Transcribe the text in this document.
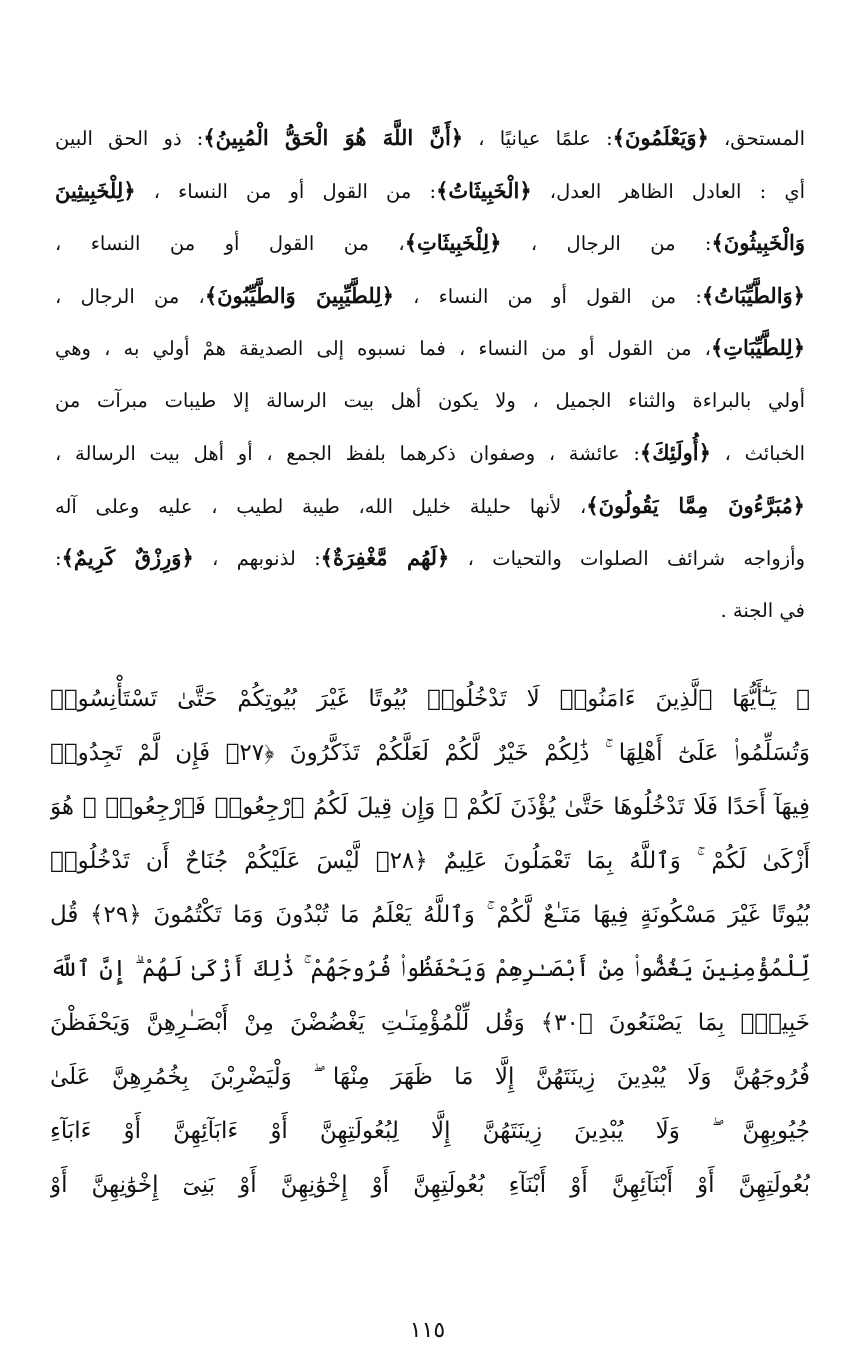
المستحق، ﴿وَيَعْلَمُونَ﴾: علمًا عيانيًا ، ﴿أَنَّ اللَّهَ هُوَ الْحَقُّ الْمُبِينُ﴾: ذو الحق البين
أي : العادل الظاهر العدل، ﴿الْخَبِيثَاتُ﴾: من القول أو من النساء ، ﴿لِلْخَبِيثِينَ
وَالْخَبِيثُونَ﴾: من الرجال ، ﴿لِلْخَبِيثَاتِ﴾، من القول أو من النساء ،
﴿وَالطَّيِّبَاتُ﴾: من القول أو من النساء ، ﴿لِلطَّيِّبِينَ وَالطَّيِّبُونَ﴾، من الرجال ،
﴿لِلطَّيِّبَاتِ﴾، من القول أو من النساء ، فما نسبوه إلى الصديقة همْ أولي به ، وهي
أولي بالبراءة والثناء الجميل ، ولا يكون أهل بيت الرسالة إلا طيبات مبرآت من
الخبائث ، ﴿أُولَئِكَ﴾: عائشة ، وصفوان ذكرهما بلفظ الجمع ، أو أهل بيت الرسالة ،
﴿مُبَرَّءُونَ مِمَّا يَقُولُونَ﴾، لأنها حليلة خليل الله، طيبة لطيب ، عليه وعلى آله
وأزواجه شرائف الصلوات والتحيات ، ﴿لَهُم مَّغْفِرَةٌ﴾: لذنوبهم ، ﴿وَرِزْقٌ كَرِيمٌ﴾:
في الجنة .
﴿ يَـٰٓأَيُّهَا ٱلَّذِينَ ءَامَنُوا۟ لَا تَدْخُلُوا۟ بُيُوتًا غَيْرَ بُيُوتِكُمْ حَتَّىٰ تَسْتَأْنِسُوا۟
وَتُسَلِّمُوا۟ عَلَىٰٓ أَهْلِهَا ۚ ذَٰلِكُمْ خَيْرٌ لَّكُمْ لَعَلَّكُمْ تَذَكَّرُونَ ﴿٢٧﴾ فَإِن لَّمْ تَجِدُوا۟
فِيهَآ أَحَدًا فَلَا تَدْخُلُوهَا حَتَّىٰ يُؤْذَنَ لَكُمْ ۖ وَإِن قِيلَ لَكُمُ ٱرْجِعُوا۟ فَٱرْجِعُوا۟ ۖ هُوَ
أَزْكَىٰ لَكُمْ ۚ وَٱللَّهُ بِمَا تَعْمَلُونَ عَلِيمٌ ﴿٢٨﴾ لَّيْسَ عَلَيْكُمْ جُنَاحٌ أَن تَدْخُلُوا۟
بُيُوتًا غَيْرَ مَسْكُونَةٍ فِيهَا مَتَـٰعٌ لَّكُمْ ۚ وَٱللَّهُ يَعْلَمُ مَا تُبْدُونَ وَمَا تَكْتُمُونَ ﴿٢٩﴾ قُل
لِّلْمُؤْمِنِينَ يَغُضُّوا۟ مِنْ أَبْصَـٰرِهِمْ وَيَحْفَظُوا۟ فُرُوجَهُمْ ۚ ذَٰلِكَ أَزْكَىٰ لَهُمْ ۗ إِنَّ ٱللَّهَ
خَبِيرٌۢ بِمَا يَصْنَعُونَ ﴿٣٠﴾ وَقُل لِّلْمُؤْمِنَـٰتِ يَغْضُضْنَ مِنْ أَبْصَـٰرِهِنَّ وَيَحْفَظْنَ
فُرُوجَهُنَّ وَلَا يُبْدِينَ زِينَتَهُنَّ إِلَّا مَا ظَهَرَ مِنْهَا ۖ وَلْيَضْرِبْنَ بِخُمُرِهِنَّ عَلَىٰ
جُيُوبِهِنَّ ۖ وَلَا يُبْدِينَ زِينَتَهُنَّ إِلَّا لِبُعُولَتِهِنَّ أَوْ ءَابَآئِهِنَّ أَوْ ءَابَآءِ
بُعُولَتِهِنَّ أَوْ أَبْنَآئِهِنَّ أَوْ أَبْنَآءِ بُعُولَتِهِنَّ أَوْ إِخْوَٰنِهِنَّ أَوْ بَنِىٓ إِخْوَٰنِهِنَّ أَوْ
١١٥
